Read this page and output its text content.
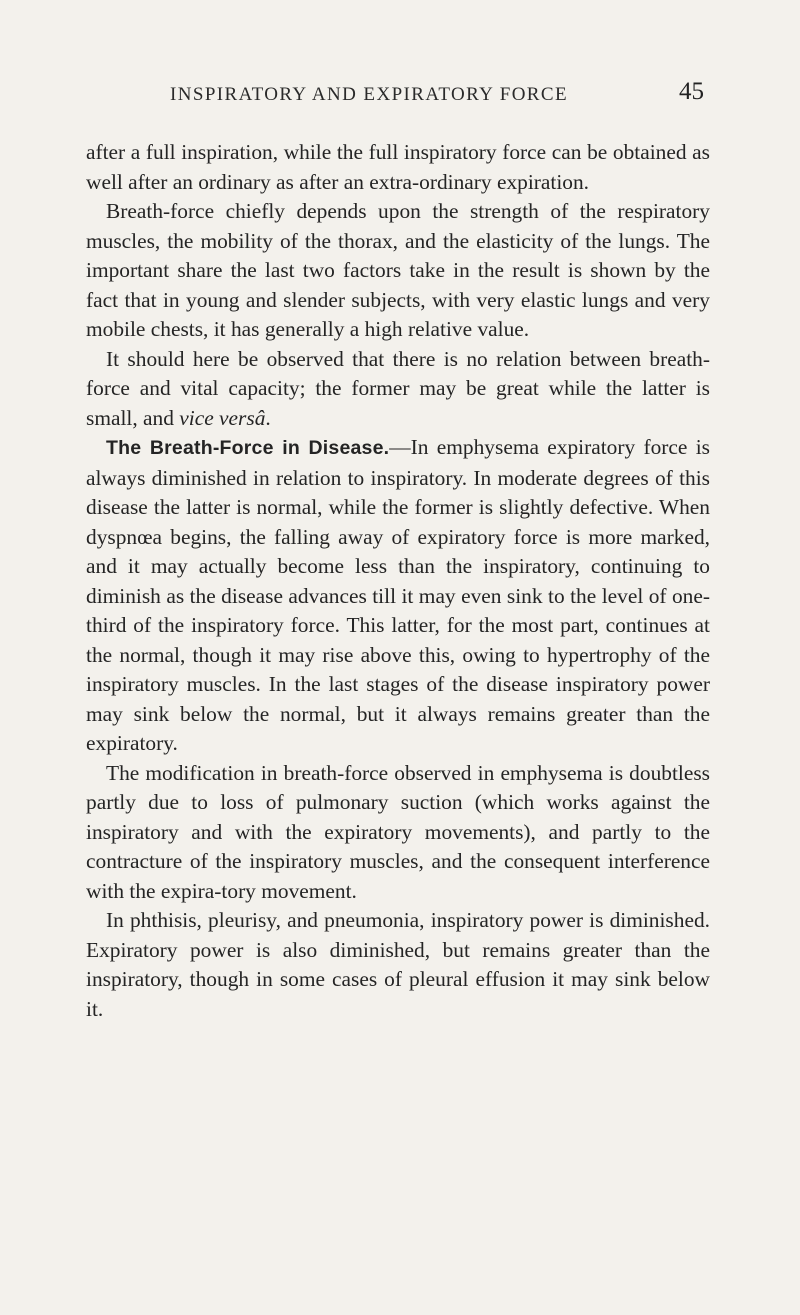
INSPIRATORY AND EXPIRATORY FORCE	45

after a full inspiration, while the full inspiratory force can be obtained as well after an ordinary as after an extra-ordinary expiration.

Breath-force chiefly depends upon the strength of the respiratory muscles, the mobility of the thorax, and the elasticity of the lungs. The important share the last two factors take in the result is shown by the fact that in young and slender subjects, with very elastic lungs and very mobile chests, it has generally a high relative value.

It should here be observed that there is no relation between breath-force and vital capacity; the former may be great while the latter is small, and vice versâ.

The Breath-Force in Disease.—In emphysema expiratory force is always diminished in relation to inspiratory. In moderate degrees of this disease the latter is normal, while the former is slightly defective. When dyspnœa begins, the falling away of expiratory force is more marked, and it may actually become less than the inspiratory, continuing to diminish as the disease advances till it may even sink to the level of one-third of the inspiratory force. This latter, for the most part, continues at the normal, though it may rise above this, owing to hypertrophy of the inspiratory muscles. In the last stages of the disease inspiratory power may sink below the normal, but it always remains greater than the expiratory.

The modification in breath-force observed in emphysema is doubtless partly due to loss of pulmonary suction (which works against the inspiratory and with the expiratory movements), and partly to the contracture of the inspiratory muscles, and the consequent interference with the expira-tory movement.

In phthisis, pleurisy, and pneumonia, inspiratory power is diminished. Expiratory power is also diminished, but remains greater than the inspiratory, though in some cases of pleural effusion it may sink below it.
